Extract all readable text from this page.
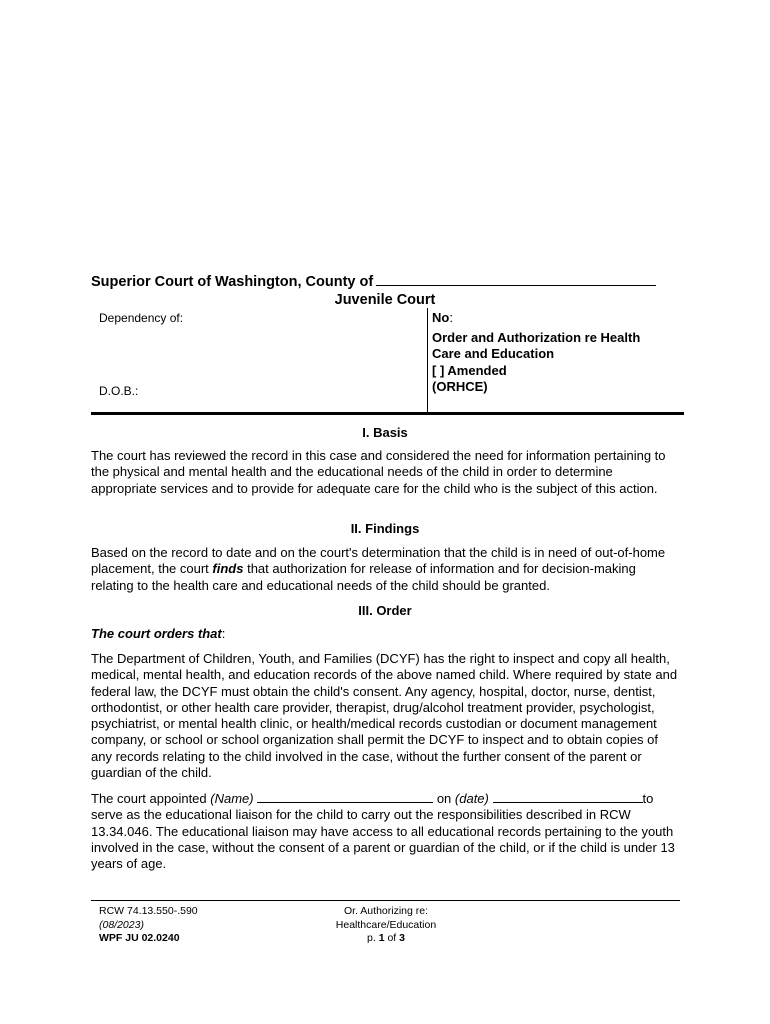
Superior Court of Washington, County of
Juvenile Court
Dependency of:
D.O.B.:
No:
Order and Authorization re Health
Care and Education
[ ] Amended
(ORHCE)
I. Basis
The court has reviewed the record in this case and considered the need for information pertaining to the physical and mental health and the educational needs of the child in order to determine appropriate services and to provide for adequate care for the child who is the subject of this action.
II. Findings
Based on the record to date and on the court's determination that the child is in need of out-of-home placement, the court finds that authorization for release of information and for decision-making relating to the health care and educational needs of the child should be granted.
III. Order
The court orders that:
The Department of Children, Youth, and Families (DCYF) has the right to inspect and copy all health, medical, mental health, and education records of the above named child. Where required by state and federal law, the DCYF must obtain the child's consent. Any agency, hospital, doctor, nurse, dentist, orthodontist, or other health care provider, therapist, drug/alcohol treatment provider, psychologist, psychiatrist, or mental health clinic, or health/medical records custodian or document management company, or school or school organization shall permit the DCYF to inspect and to obtain copies of any records relating to the child involved in the case, without the further consent of the parent or guardian of the child.
The court appointed (Name)	on (date)	to serve as the educational liaison for the child to carry out the responsibilities described in RCW 13.34.046. The educational liaison may have access to all educational records pertaining to the youth involved in the case, without the consent of a parent or guardian of the child, or if the child is under 13 years of age.
RCW 74.13.550-.590
(08/2023)
WPF JU 02.0240
Or. Authorizing re:
Healthcare/Education
p. 1 of 3
